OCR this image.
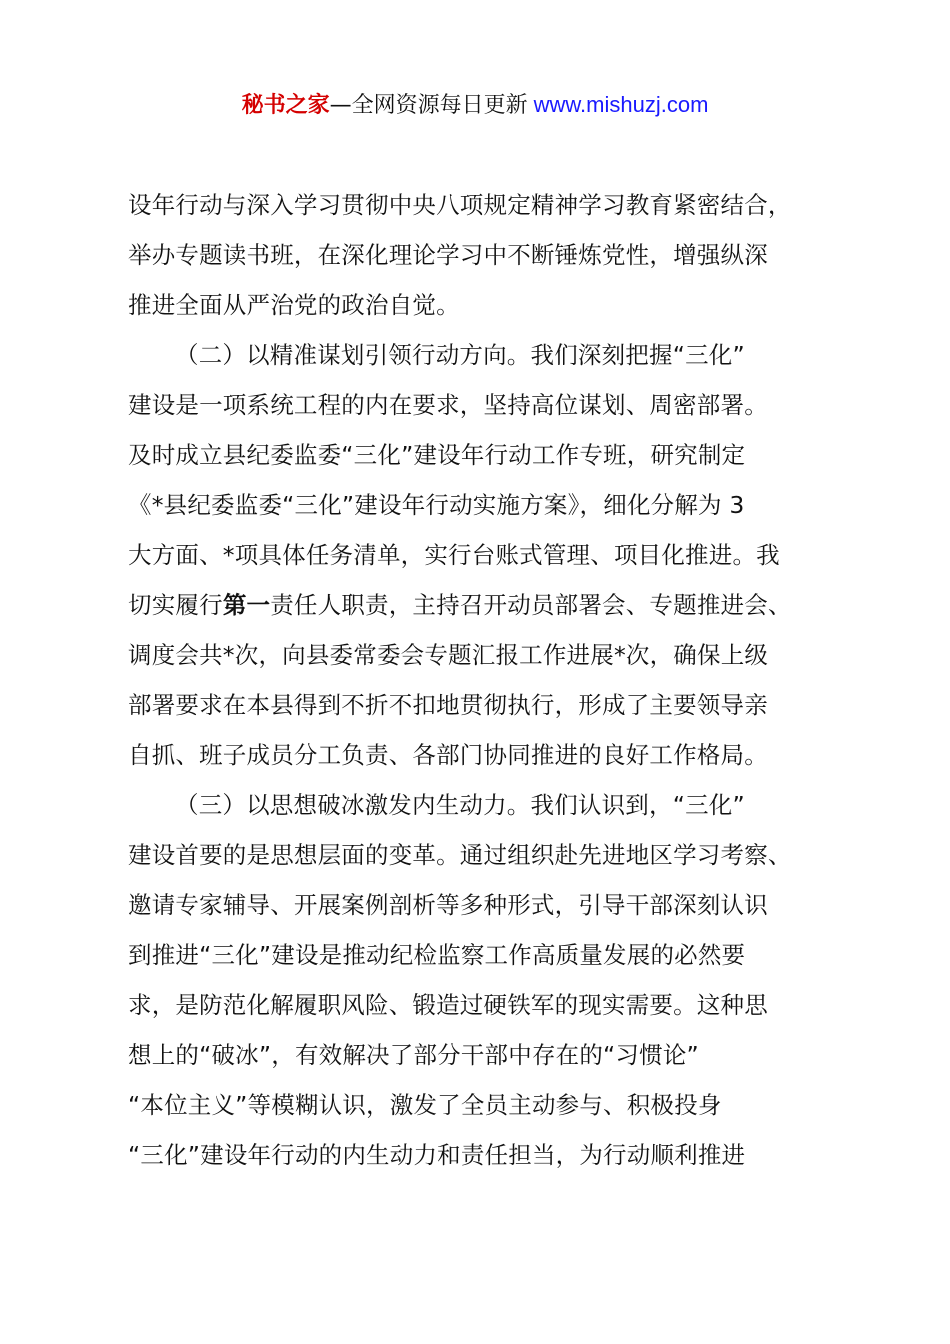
秘书之家—全网资源每日更新 www.mishuzj.com
设年行动与深入学习贯彻中央八项规定精神学习教育紧密结合，
举办专题读书班，在深化理论学习中不断锤炼党性，增强纵深
推进全面从严治党的政治自觉。
（二）以精准谋划引领行动方向。我们深刻把握“三化”
建设是一项系统工程的内在要求，坚持高位谋划、周密部署。
及时成立县纪委监委“三化”建设年行动工作专班，研究制定
《*县纪委监委“三化”建设年行动实施方案》，细化分解为 3
大方面、*项具体任务清单，实行台账式管理、项目化推进。我
切实履行第一责任人职责，主持召开动员部署会、专题推进会、
调度会共*次，向县委常委会专题汇报工作进展*次，确保上级
部署要求在本县得到不折不扣地贯彻执行，形成了主要领导亲
自抓、班子成员分工负责、各部门协同推进的良好工作格局。
（三）以思想破冰激发内生动力。我们认识到，“三化”
建设首要的是思想层面的变革。通过组织赴先进地区学习考察、
邀请专家辅导、开展案例剖析等多种形式，引导干部深刻认识
到推进“三化”建设是推动纪检监察工作高质量发展的必然要
求，是防范化解履职风险、锻造过硬铁军的现实需要。这种思
想上的“破冰”，有效解决了部分干部中存在的“习惯论”
“本位主义”等模糊认识，激发了全员主动参与、积极投身
“三化”建设年行动的内生动力和责任担当，为行动顺利推进
